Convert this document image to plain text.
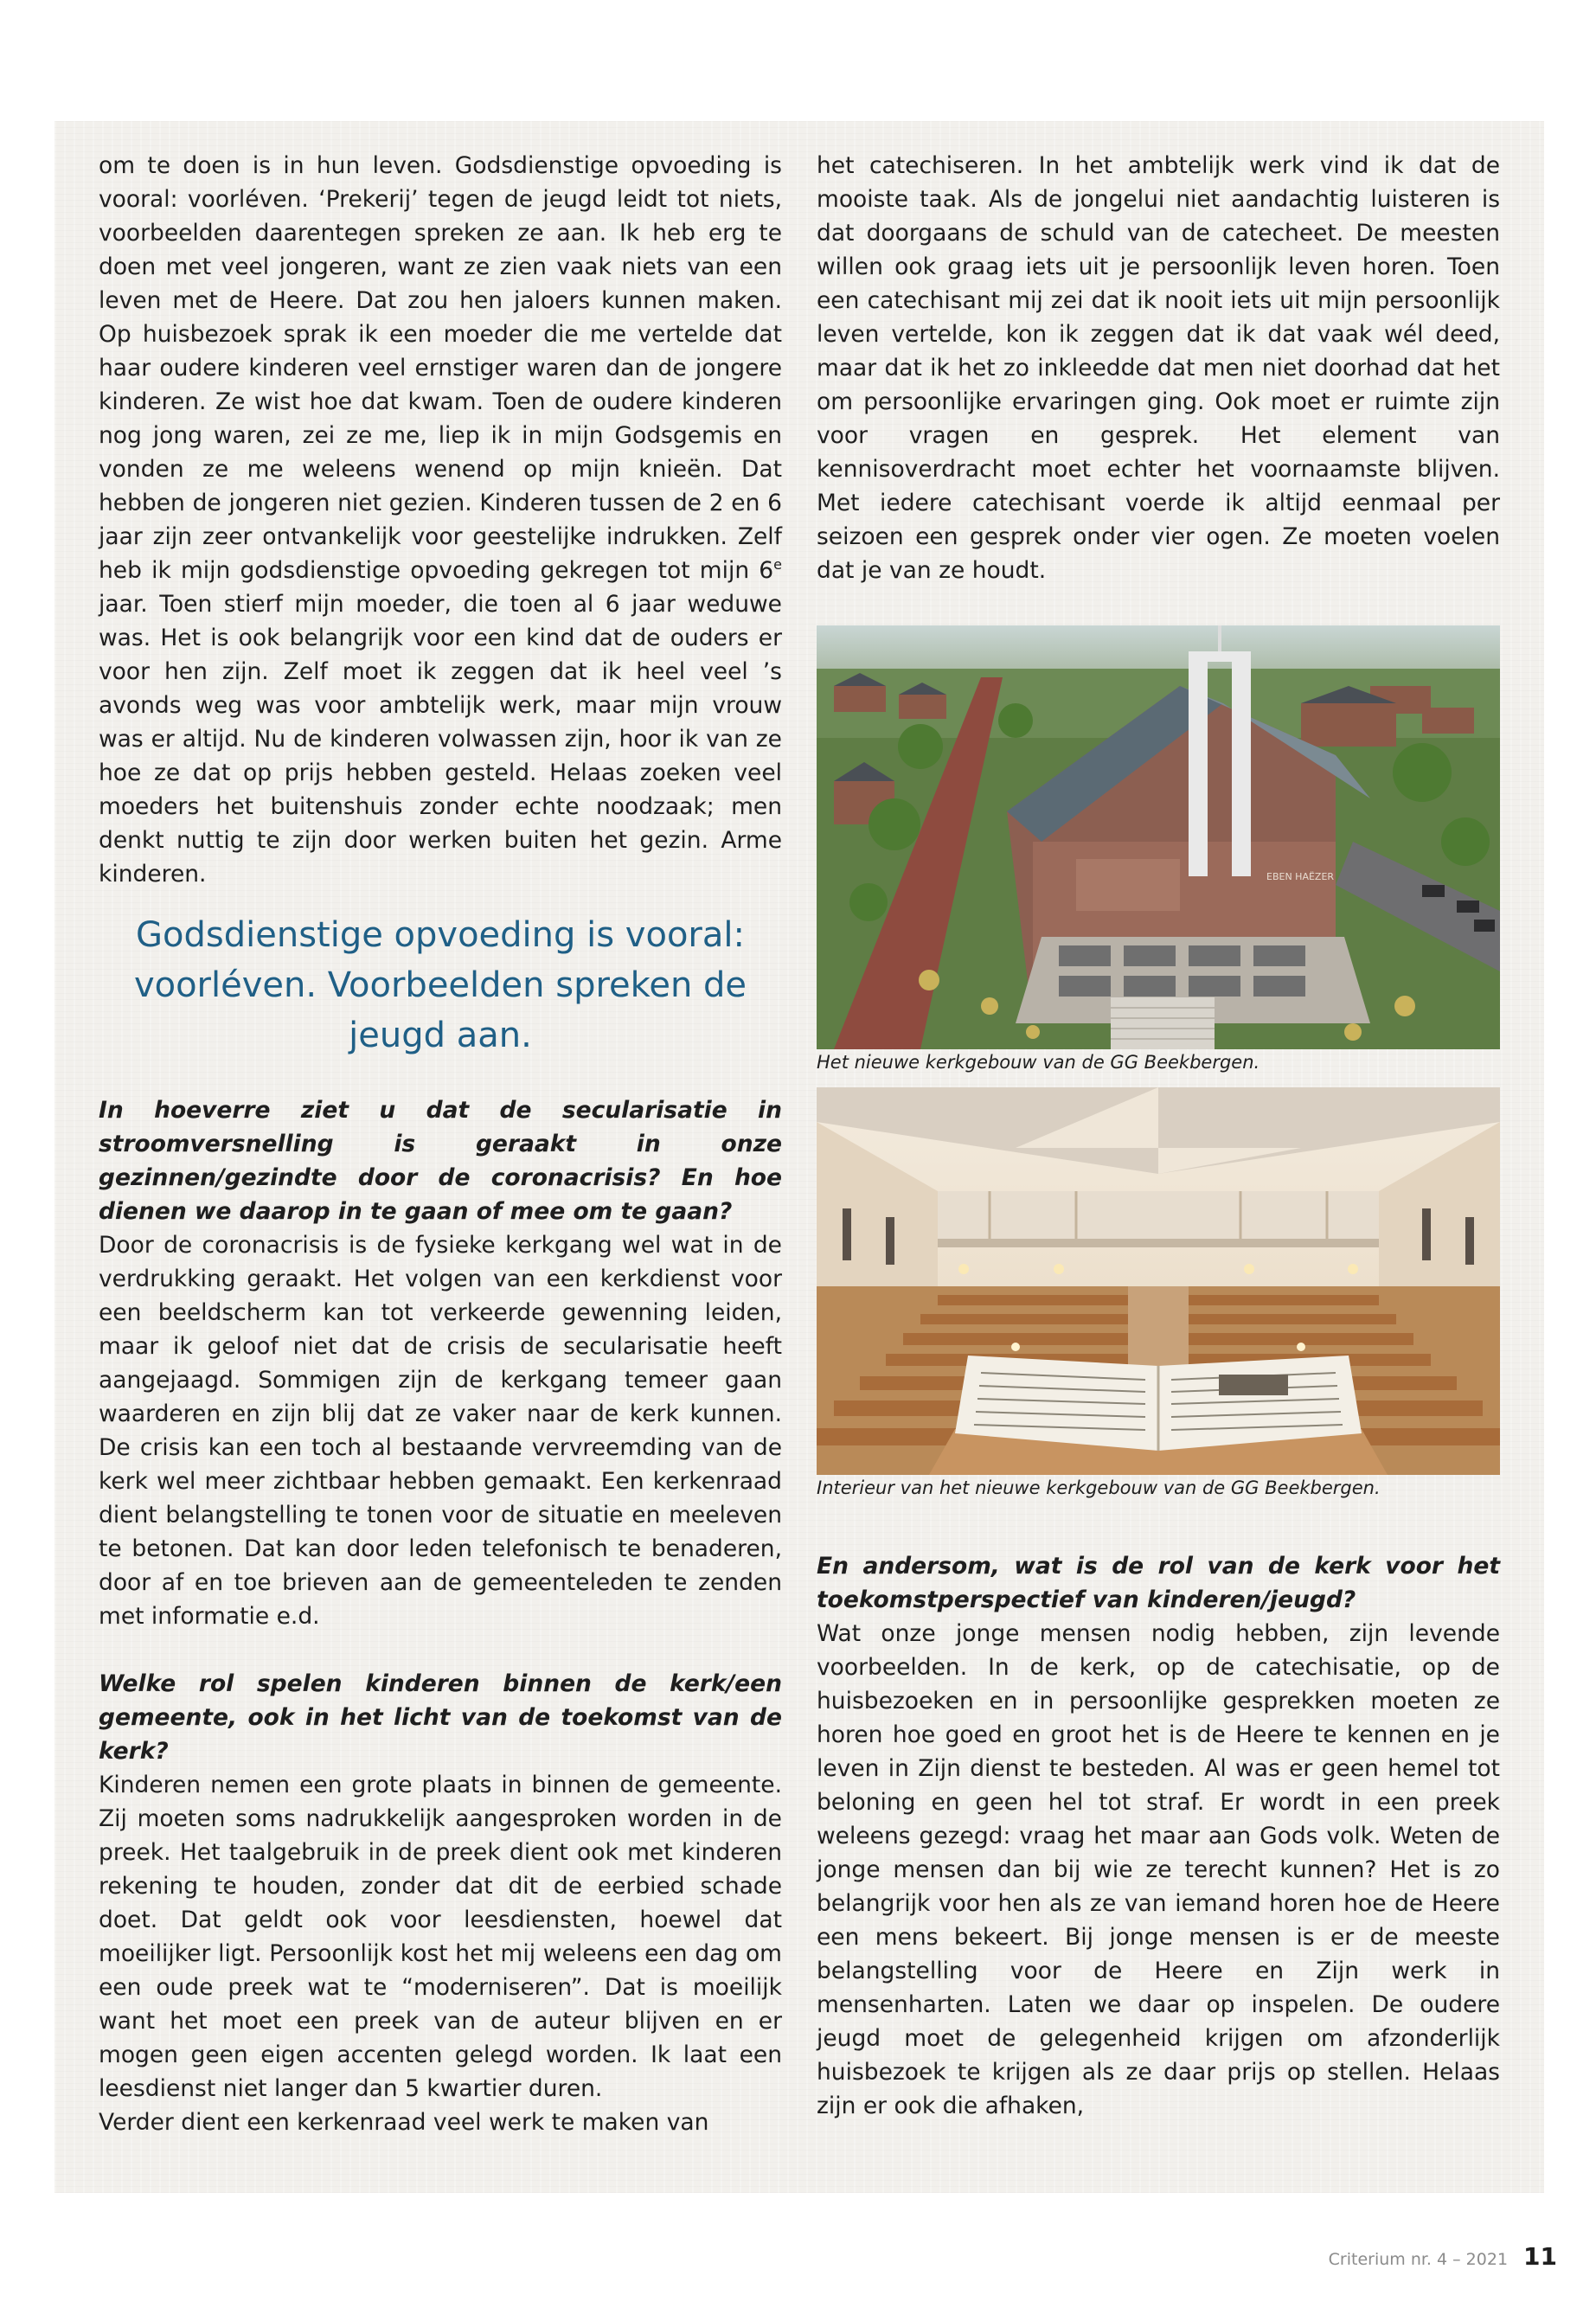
om te doen is in hun leven. Godsdienstige opvoeding is vooral: voorléven. ‘Prekerij’ tegen de jeugd leidt tot niets, voorbeelden daarentegen spreken ze aan. Ik heb erg te doen met veel jongeren, want ze zien vaak niets van een leven met de Heere. Dat zou hen jaloers kunnen maken. Op huisbezoek sprak ik een moeder die me vertelde dat haar oudere kinderen veel ernstiger waren dan de jongere kinderen. Ze wist hoe dat kwam. Toen de oudere kinderen nog jong waren, zei ze me, liep ik in mijn Godsgemis en vonden ze me weleens wenend op mijn knieën. Dat hebben de jongeren niet gezien. Kinderen tussen de 2 en 6 jaar zijn zeer ontvankelijk voor geestelijke indrukken. Zelf heb ik mijn godsdienstige opvoeding gekregen tot mijn 6e jaar. Toen stierf mijn moeder, die toen al 6 jaar weduwe was. Het is ook belangrijk voor een kind dat de ouders er voor hen zijn. Zelf moet ik zeggen dat ik heel veel ’s avonds weg was voor ambtelijk werk, maar mijn vrouw was er altijd. Nu de kinderen volwassen zijn, hoor ik van ze hoe ze dat op prijs hebben gesteld. Helaas zoeken veel moeders het buitenshuis zonder echte noodzaak; men denkt nuttig te zijn door werken buiten het gezin. Arme kinderen.

Godsdienstige opvoeding is vooral: voorléven. Voorbeelden spreken de jeugd aan.

In hoeverre ziet u dat de secularisatie in stroomversnelling is geraakt in onze gezinnen/gezindte door de coronacrisis? En hoe dienen we daarop in te gaan of mee om te gaan?

Door de coronacrisis is de fysieke kerkgang wel wat in de verdrukking geraakt. Het volgen van een kerkdienst voor een beeldscherm kan tot verkeerde gewenning leiden, maar ik geloof niet dat de crisis de secularisatie heeft aangejaagd. Sommigen zijn de kerkgang temeer gaan waarderen en zijn blij dat ze vaker naar de kerk kunnen. De crisis kan een toch al bestaande vervreemding van de kerk wel meer zichtbaar hebben gemaakt. Een kerkenraad dient belangstelling te tonen voor de situatie en meeleven te betonen. Dat kan door leden telefonisch te benaderen, door af en toe brieven aan de gemeenteleden te zenden met informatie e.d.

Welke rol spelen kinderen binnen de kerk/een gemeente, ook in het licht van de toekomst van de kerk?

Kinderen nemen een grote plaats in binnen de gemeente. Zij moeten soms nadrukkelijk aangesproken worden in de preek. Het taalgebruik in de preek dient ook met kinderen rekening te houden, zonder dat dit de eerbied schade doet. Dat geldt ook voor leesdiensten, hoewel dat moeilijker ligt. Persoonlijk kost het mij weleens een dag om een oude preek wat te “moderniseren”. Dat is moeilijk want het moet een preek van de auteur blijven en er mogen geen eigen accenten gelegd worden. Ik laat een leesdienst niet langer dan 5 kwartier duren.

Verder dient een kerkenraad veel werk te maken van

het catechiseren. In het ambtelijk werk vind ik dat de mooiste taak. Als de jongelui niet aandachtig luisteren is dat doorgaans de schuld van de catecheet. De meesten willen ook graag iets uit je persoonlijk leven horen. Toen een catechisant mij zei dat ik nooit iets uit mijn persoonlijk leven vertelde, kon ik zeggen dat ik dat vaak wél deed, maar dat ik het zo inkleedde dat men niet doorhad dat het om persoonlijke ervaringen ging. Ook moet er ruimte zijn voor vragen en gesprek. Het element van kennisoverdracht moet echter het voornaamste blijven. Met iedere catechisant voerde ik altijd eenmaal per seizoen een gesprek onder vier ogen. Ze moeten voelen dat je van ze houdt.

EBEN HAËZER

Het nieuwe kerkgebouw van de GG Beekbergen.

Interieur van het nieuwe kerkgebouw van de GG Beekbergen.

En andersom, wat is de rol van de kerk voor het toekomstperspectief van kinderen/jeugd?

Wat onze jonge mensen nodig hebben, zijn levende voorbeelden. In de kerk, op de catechisatie, op de huisbezoeken en in persoonlijke gesprekken moeten ze horen hoe goed en groot het is de Heere te kennen en je leven in Zijn dienst te besteden. Al was er geen hemel tot beloning en geen hel tot straf. Er wordt in een preek weleens gezegd: vraag het maar aan Gods volk. Weten de jonge mensen dan bij wie ze terecht kunnen? Het is zo belangrijk voor hen als ze van iemand horen hoe de Heere een mens bekeert. Bij jonge mensen is er de meeste belangstelling voor de Heere en Zijn werk in mensenharten. Laten we daar op inspelen. De oudere jeugd moet de gelegenheid krijgen om afzonderlijk huisbezoek te krijgen als ze daar prijs op stellen. Helaas zijn er ook die afhaken,

Criterium nr. 4 – 2021 11
